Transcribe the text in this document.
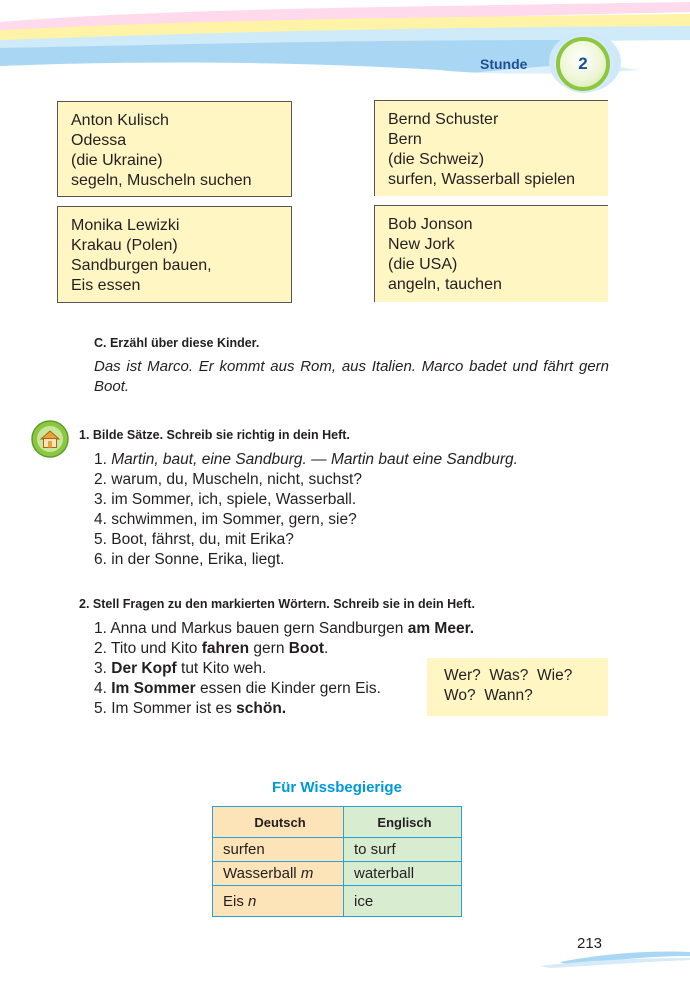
Stunde	2
Anton Kulisch
Odessa
(die Ukraine)
segeln, Muscheln suchen
Bernd Schuster
Bern
(die Schweiz)
surfen, Wasserball spielen
Monika Lewizki
Krakau (Polen)
Sandburgen bauen,
Eis essen
Bob Jonson
New Jork
(die USA)
angeln, tauchen
C. Erzähl über diese Kinder.
Das ist Marco. Er kommt aus Rom, aus Italien. Marco badet und fährt gern Boot.
1. Bilde Sätze. Schreib sie richtig in dein Heft.
1. Martin, baut, eine Sandburg. — Martin baut eine Sandburg.
2. warum, du, Muscheln, nicht, suchst?
3. im Sommer, ich, spiele, Wasserball.
4. schwimmen, im Sommer, gern, sie?
5. Boot, fährst, du, mit Erika?
6. in der Sonne, Erika, liegt.
2. Stell Fragen zu den markierten Wörtern. Schreib sie in dein Heft.
1. Anna und Markus bauen gern Sandburgen am Meer.
2. Tito und Kito fahren gern Boot.
3. Der Kopf tut Kito weh.
4. Im Sommer essen die Kinder gern Eis.
5. Im Sommer ist es schön.
Wer?  Was?  Wie?
Wo?  Wann?
Für Wissbegierige
Deutsch	Englisch
surfen	to surf
Wasserball m	waterball
Eis n	ice
213
